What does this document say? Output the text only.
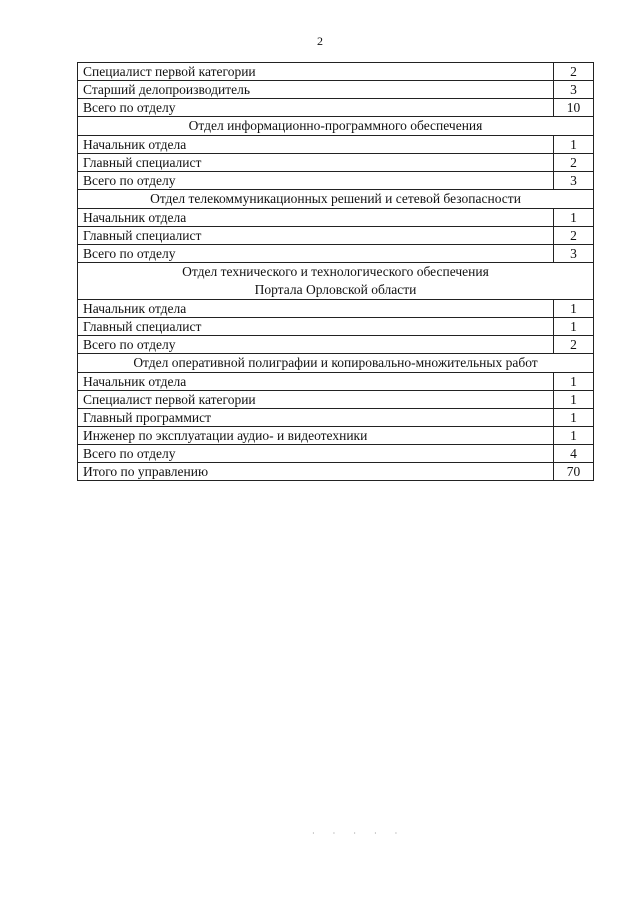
2
Специалист первой категории	2
Старший делопроизводитель	3
Всего по отделу	10
Отдел информационно-программного обеспечения	
Начальник отдела	1
Главный специалист	2
Всего по отделу	3
Отдел телекоммуникационных решений и сетевой безопасности	
Начальник отдела	1
Главный специалист	2
Всего по отделу	3
Отдел технического и технологического обеспечения
Портала Орловской области	
Начальник отдела	1
Главный специалист	1
Всего по отделу	2
Отдел оперативной полиграфии и копировально-множительных работ	
Начальник отдела	1
Специалист первой категории	1
Главный программист	1
Инженер по эксплуатации аудио- и видеотехники	1
Всего по отделу	4
Итого по управлению	70
·····
